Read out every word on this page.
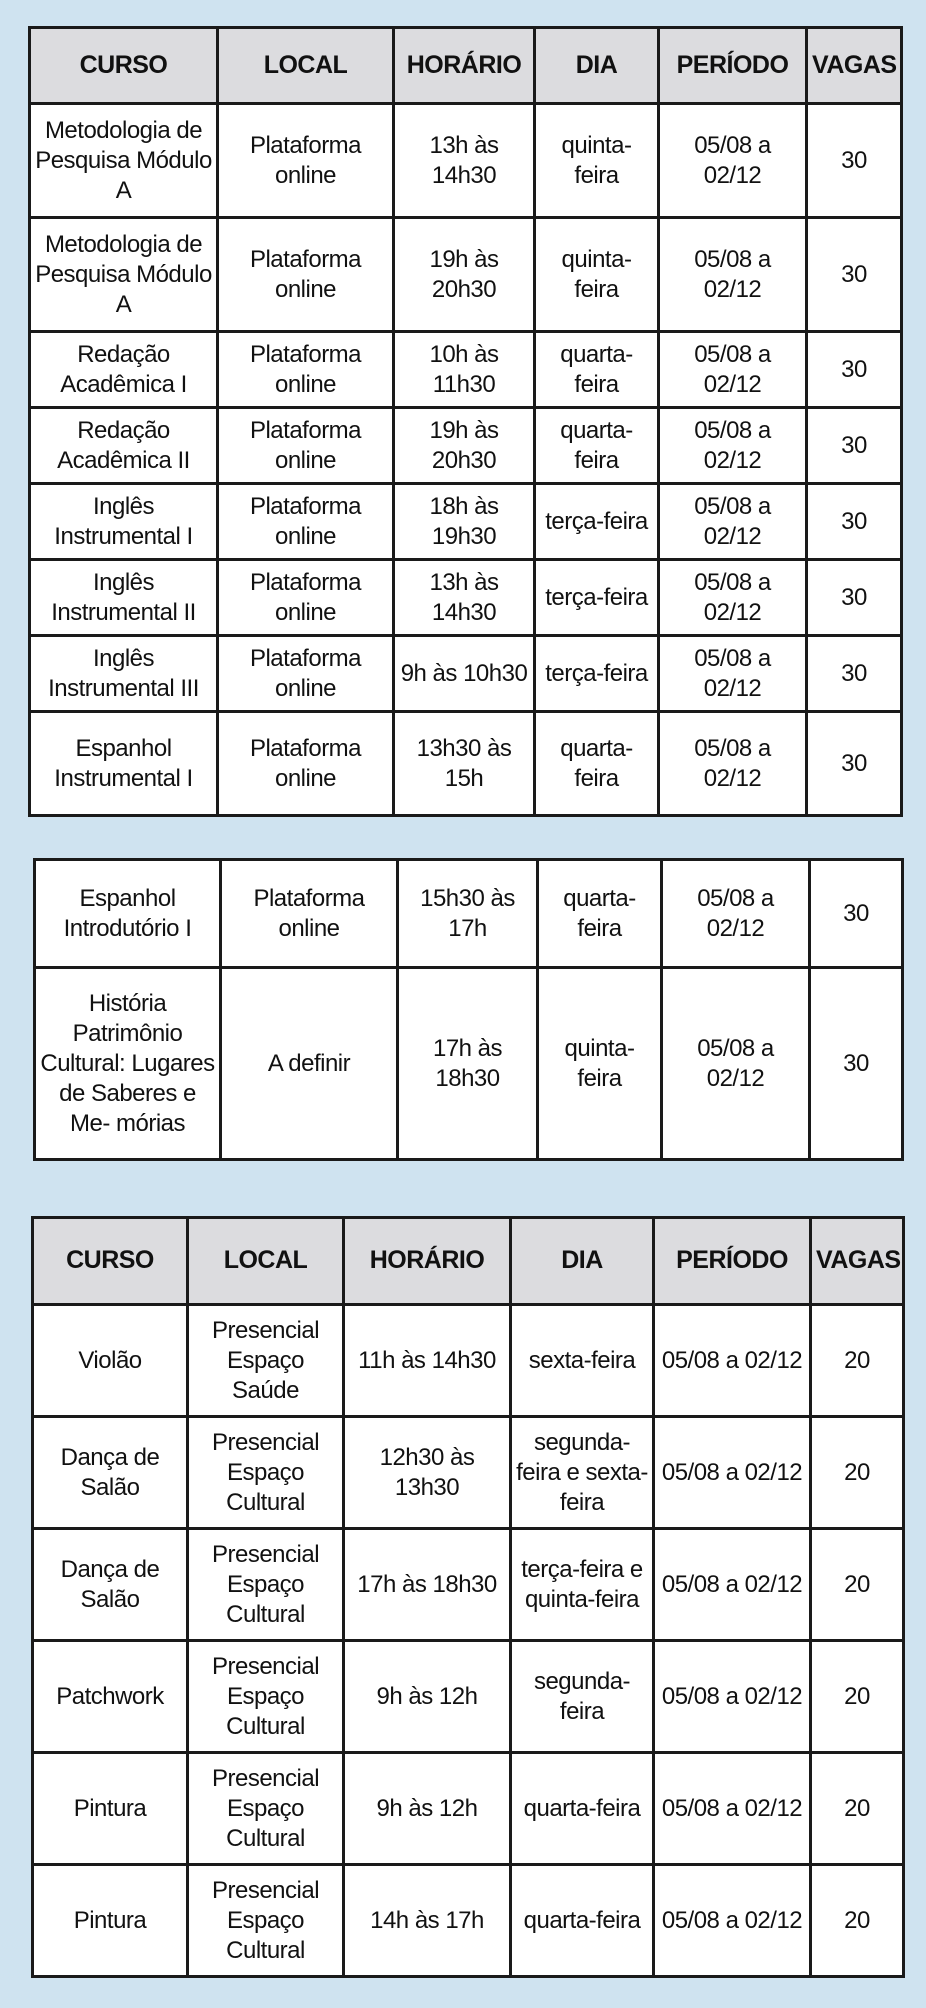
CURSO	LOCAL	HORÁRIO	DIA	PERÍODO	VAGAS
Metodologia de Pesquisa Módulo A	Plataforma online	13h às 14h30	quinta-feira	05/08 a 02/12	30
Metodologia de Pesquisa Módulo A	Plataforma online	19h às 20h30	quinta-feira	05/08 a 02/12	30
Redação Acadêmica I	Plataforma online	10h às 11h30	quarta-feira	05/08 a 02/12	30
Redação Acadêmica II	Plataforma online	19h às 20h30	quarta-feira	05/08 a 02/12	30
Inglês Instrumental I	Plataforma online	18h às 19h30	terça-feira	05/08 a 02/12	30
Inglês Instrumental II	Plataforma online	13h às 14h30	terça-feira	05/08 a 02/12	30
Inglês Instrumental III	Plataforma online	9h às 10h30	terça-feira	05/08 a 02/12	30
Espanhol Instrumental I	Plataforma online	13h30 às 15h	quarta-feira	05/08 a 02/12	30
Espanhol Introdutório I	Plataforma online	15h30 às 17h	quarta-feira	05/08 a 02/12	30
História Patrimônio Cultural: Lugares de Saberes e Me- mórias	A definir	17h às 18h30	quinta-feira	05/08 a 02/12	30
CURSO	LOCAL	HORÁRIO	DIA	PERÍODO	VAGAS
Violão	Presencial Espaço Saúde	11h às 14h30	sexta-feira	05/08 a 02/12	20
Dança de Salão	Presencial Espaço Cultural	12h30 às 13h30	segunda-feira e sexta-feira	05/08 a 02/12	20
Dança de Salão	Presencial Espaço Cultural	17h às 18h30	terça-feira e quinta-feira	05/08 a 02/12	20
Patchwork	Presencial Espaço Cultural	9h às 12h	segunda-feira	05/08 a 02/12	20
Pintura	Presencial Espaço Cultural	9h às 12h	quarta-feira	05/08 a 02/12	20
Pintura	Presencial Espaço Cultural	14h às 17h	quarta-feira	05/08 a 02/12	20
